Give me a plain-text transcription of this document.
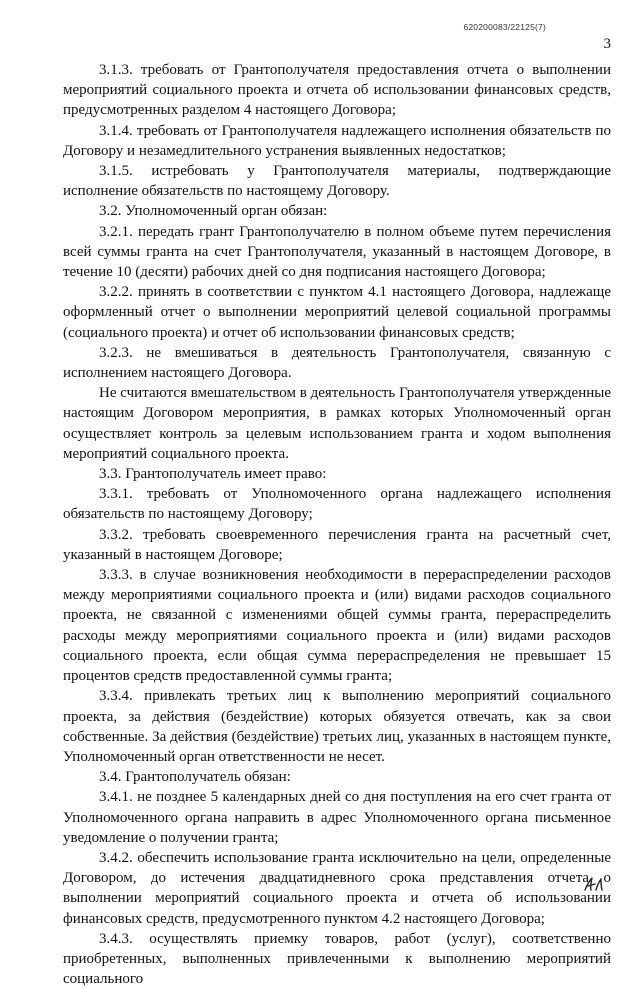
620200083/22125(7)
3

3.1.3. требовать от Грантополучателя предоставления отчета о выполнении мероприятий социального проекта и отчета об использовании финансовых средств, предусмотренных разделом 4 настоящего Договора;

3.1.4. требовать от Грантополучателя надлежащего исполнения обязательств по Договору и незамедлительного устранения выявленных недостатков;

3.1.5. истребовать у Грантополучателя материалы, подтверждающие исполнение обязательств по настоящему Договору.

3.2. Уполномоченный орган обязан:

3.2.1. передать грант Грантополучателю в полном объеме путем перечисления всей суммы гранта на счет Грантополучателя, указанный в настоящем Договоре, в течение 10 (десяти) рабочих дней со дня подписания настоящего Договора;

3.2.2. принять в соответствии с пунктом 4.1 настоящего Договора, надлежаще оформленный отчет о выполнении мероприятий целевой социальной программы (социального проекта) и отчет об использовании финансовых средств;

3.2.3. не вмешиваться в деятельность Грантополучателя, связанную с исполнением настоящего Договора.

Не считаются вмешательством в деятельность Грантополучателя утвержденные настоящим Договором мероприятия, в рамках которых Уполномоченный орган осуществляет контроль за целевым использованием гранта и ходом выполнения мероприятий социального проекта.

3.3. Грантополучатель имеет право:

3.3.1. требовать от Уполномоченного органа надлежащего исполнения обязательств по настоящему Договору;

3.3.2. требовать своевременного перечисления гранта на расчетный счет, указанный в настоящем Договоре;

3.3.3. в случае возникновения необходимости в перераспределении расходов между мероприятиями социального проекта и (или) видами расходов социального проекта, не связанной с изменениями общей суммы гранта, перераспределить расходы между мероприятиями социального проекта и (или) видами расходов социального проекта, если общая сумма перераспределения не превышает 15 процентов средств предоставленной суммы гранта;

3.3.4. привлекать третьих лиц к выполнению мероприятий социального проекта, за действия (бездействие) которых обязуется отвечать, как за свои собственные. За действия (бездействие) третьих лиц, указанных в настоящем пункте, Уполномоченный орган ответственности не несет.

3.4. Грантополучатель обязан:

3.4.1. не позднее 5 календарных дней со дня поступления на его счет гранта от Уполномоченного органа направить в адрес Уполномоченного органа письменное уведомление о получении гранта;

3.4.2. обеспечить использование гранта исключительно на цели, определенные Договором, до истечения двадцатидневного срока представления отчета о выполнении мероприятий социального проекта и отчета об использовании финансовых средств, предусмотренного пунктом 4.2 настоящего Договора;

3.4.3. осуществлять приемку товаров, работ (услуг), соответственно приобретенных, выполненных привлеченными к выполнению мероприятий социального
